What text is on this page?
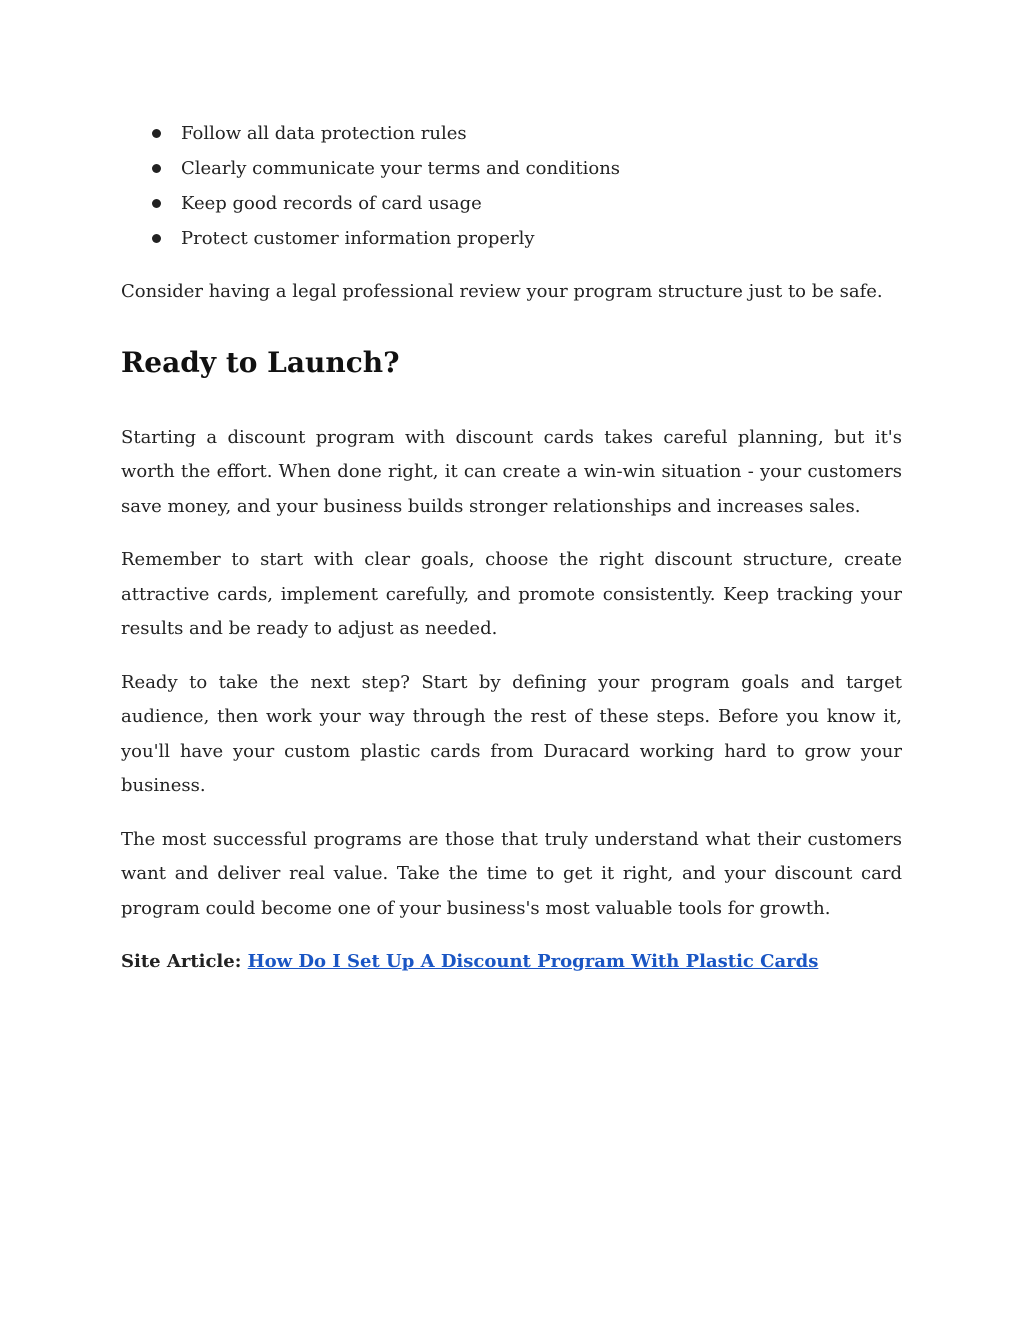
Follow all data protection rules
Clearly communicate your terms and conditions
Keep good records of card usage
Protect customer information properly

Consider having a legal professional review your program structure just to be safe.

Ready to Launch?

Starting a discount program with discount cards takes careful planning, but it's worth the effort. When done right, it can create a win-win situation - your customers save money, and your business builds stronger relationships and increases sales.

Remember to start with clear goals, choose the right discount structure, create attractive cards, implement carefully, and promote consistently. Keep tracking your results and be ready to adjust as needed.

Ready to take the next step? Start by defining your program goals and target audience, then work your way through the rest of these steps. Before you know it, you'll have your custom plastic cards from Duracard working hard to grow your business.

The most successful programs are those that truly understand what their customers want and deliver real value. Take the time to get it right, and your discount card program could become one of your business's most valuable tools for growth.

Site Article: How Do I Set Up A Discount Program With Plastic Cards
